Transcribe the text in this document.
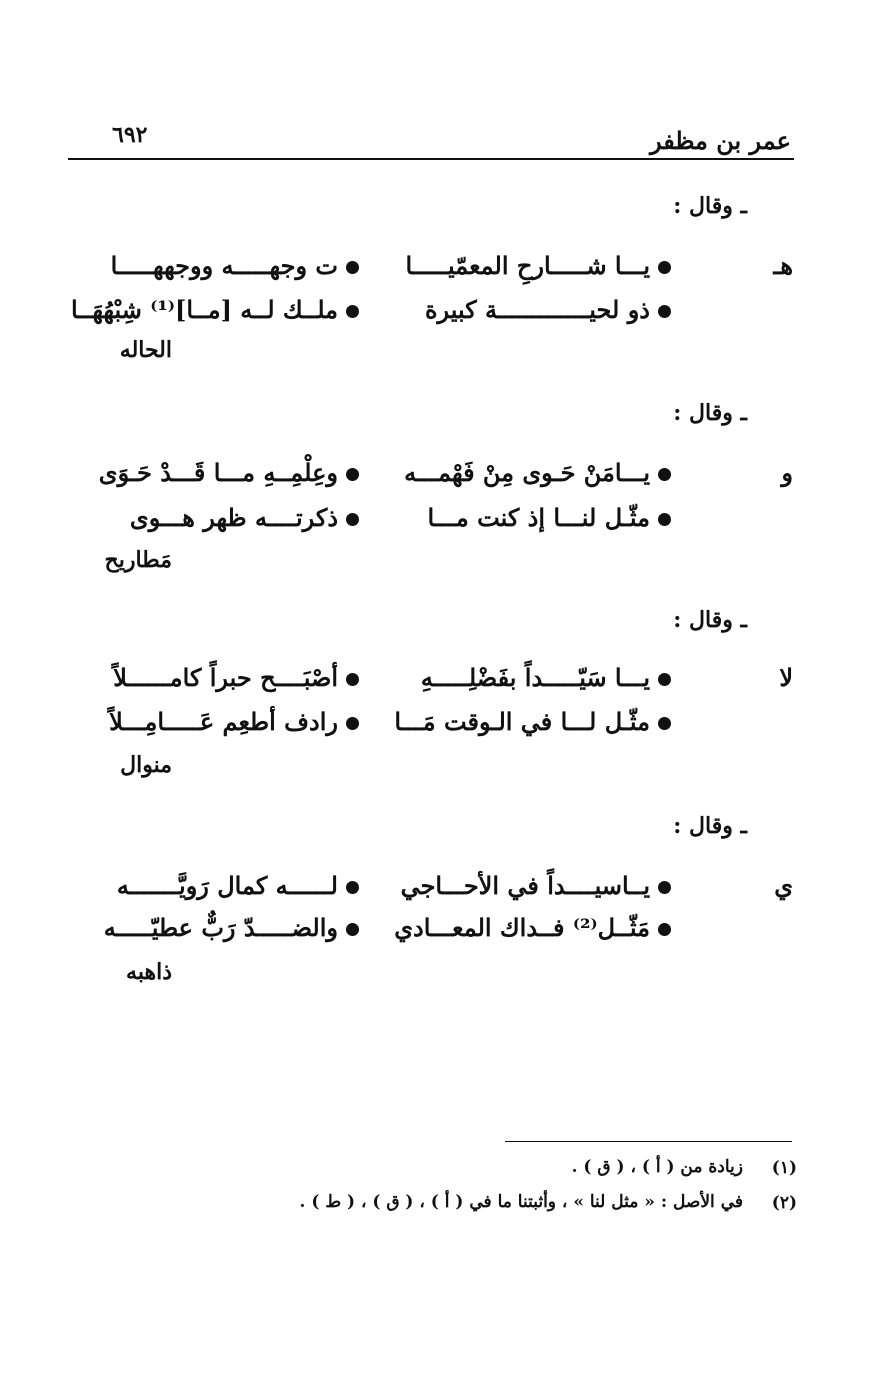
عمر بن مظفر
٦٩٢
ـ وقال :
هـ
يـــا شـــــارحِ المعمّيـــــا
ذو لحيـــــــــــــة كبيرة
ت وجهـــــه ووجههـــــا
ملــك لــه [مــا]⁽¹⁾ شِبْهُهَــا
الحاله
ـ وقال :
و
يـــامَنْ حَـوى مِنْ فَهْمـــه
مثّـل لنـــا إذ كنت مـــا
وعِلْمِــهِ مـــا قَـــدْ حَـوَى
ذكرتــــه ظهر هـــوى
مَطاريح
ـ وقال :
لا
يـــا سَيّـــــداً بفَضْلِـــــهِ
مثّـل لـــا في الـوقت مَـــا
أصْبَــــح حبراً كامــــــلاً
رادف أطعِم عَـــــامِـــلاً
منوال
ـ وقال :
ي
يــاسيــــداً في الأحـــاجي
مَثّــل⁽²⁾ فــداك المعـــادي
لــــــه كمال رَويَّـــــــه
والضـــــدّ رَبٌّ عطيّـــــه
ذاهبه
(١)
زيادة من ( أ ) ، ( ق ) .
(٢)
في الأصل : « مثل لنا » ، وأثبتنا ما في ( أ ) ، ( ق ) ، ( ط ) .
